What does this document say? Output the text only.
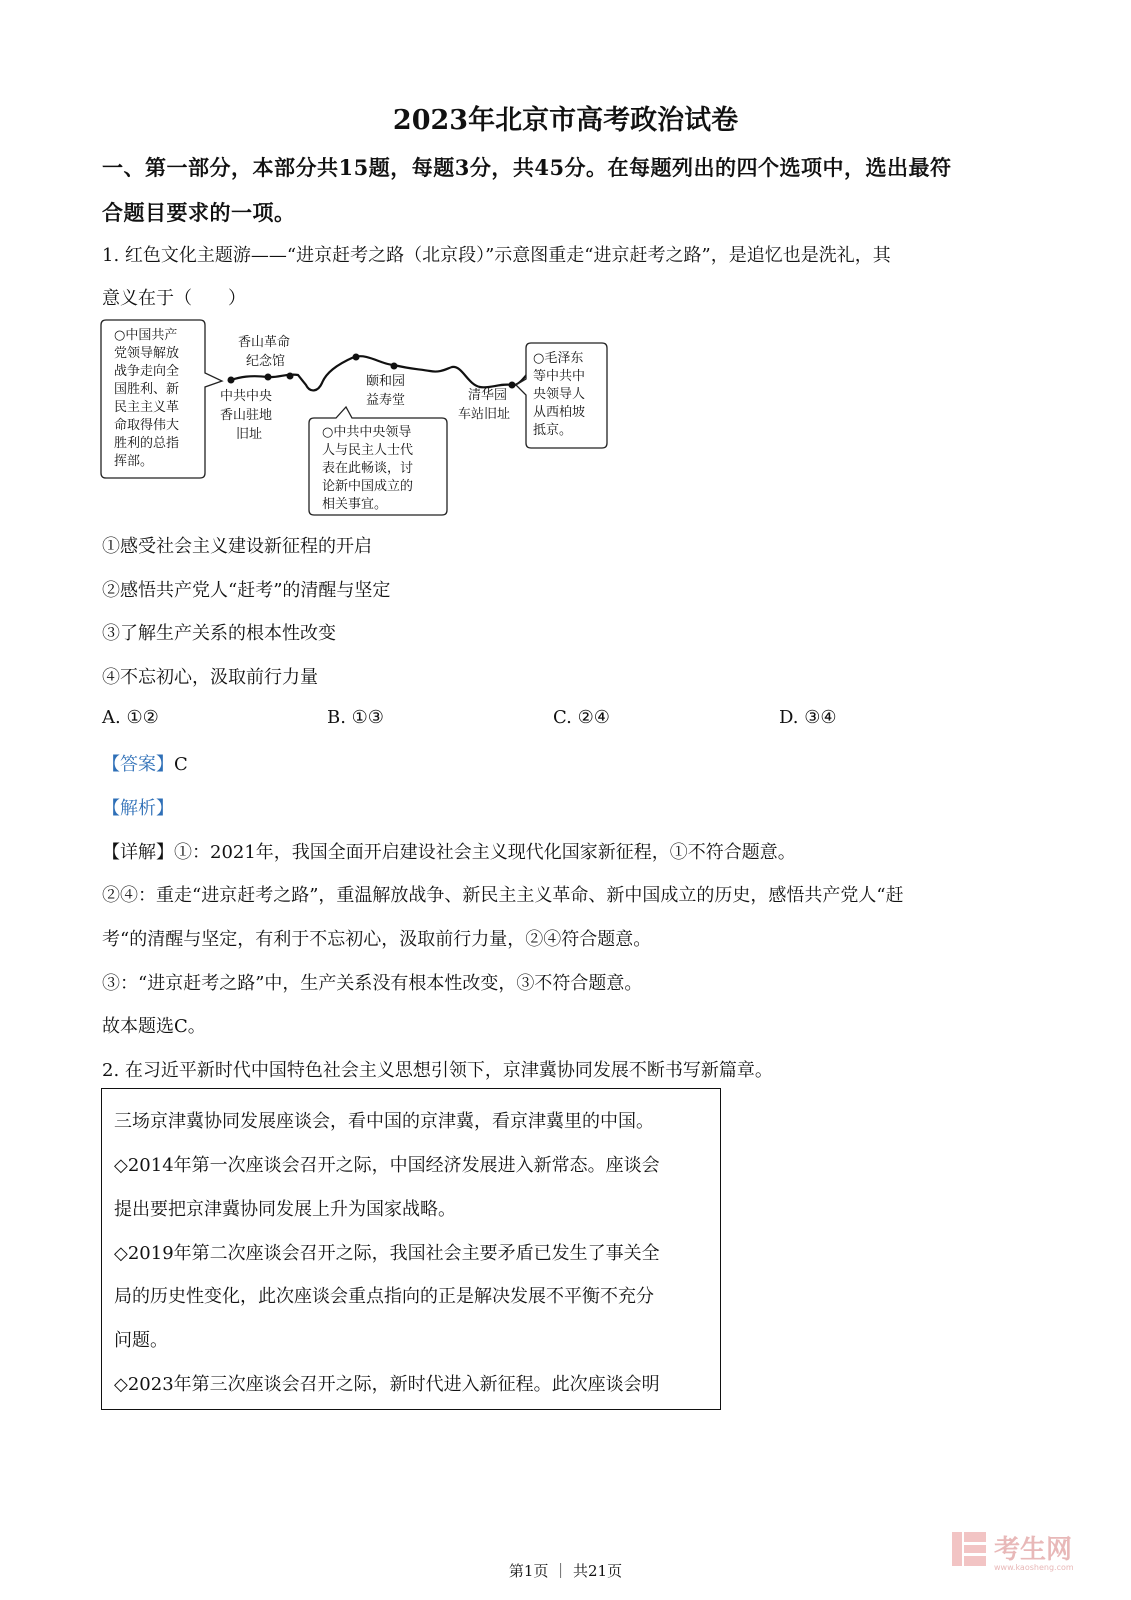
2023年北京市高考政治试卷
一、第一部分，本部分共15题，每题3分，共45分。在每题列出的四个选项中，选出最符
合题目要求的一项。
1. 红色文化主题游——“进京赶考之路（北京段）”示意图重走“进京赶考之路”，是追忆也是洗礼，其
意义在于（　　）
○中国共产
党领导解放
战争走向全
国胜利、新
民主主义革
命取得伟大
胜利的总指
挥部。
香山革命
纪念馆
中共中央
香山驻地
旧址
颐和园
益寿堂	清华园
车站旧址
○中共中央领导
人与民主人士代
表在此畅谈，讨
论新中国成立的
相关事宜。
○毛泽东
等中共中
央领导人
从西柏坡
抵京。
①感受社会主义建设新征程的开启
②感悟共产党人“赶考”的清醒与坚定
③了解生产关系的根本性改变
④不忘初心，汲取前行力量
A. ①②	B. ①③	C. ②④	D. ③④
【答案】C
【解析】
【详解】①：2021年，我国全面开启建设社会主义现代化国家新征程，①不符合题意。
②④：重走“进京赶考之路”，重温解放战争、新民主主义革命、新中国成立的历史，感悟共产党人“赶
考“的清醒与坚定，有利于不忘初心，汲取前行力量，②④符合题意。
③：“进京赶考之路”中，生产关系没有根本性改变，③不符合题意。
故本题选C。
2. 在习近平新时代中国特色社会主义思想引领下，京津冀协同发展不断书写新篇章。
三场京津冀协同发展座谈会，看中国的京津冀，看京津冀里的中国。
◇2014年第一次座谈会召开之际，中国经济发展进入新常态。座谈会
提出要把京津冀协同发展上升为国家战略。
◇2019年第二次座谈会召开之际，我国社会主要矛盾已发生了事关全
局的历史性变化，此次座谈会重点指向的正是解决发展不平衡不充分
问题。
◇2023年第三次座谈会召开之际，新时代进入新征程。此次座谈会明
考生网
www.kaosheng.com
第1页 ｜ 共21页
